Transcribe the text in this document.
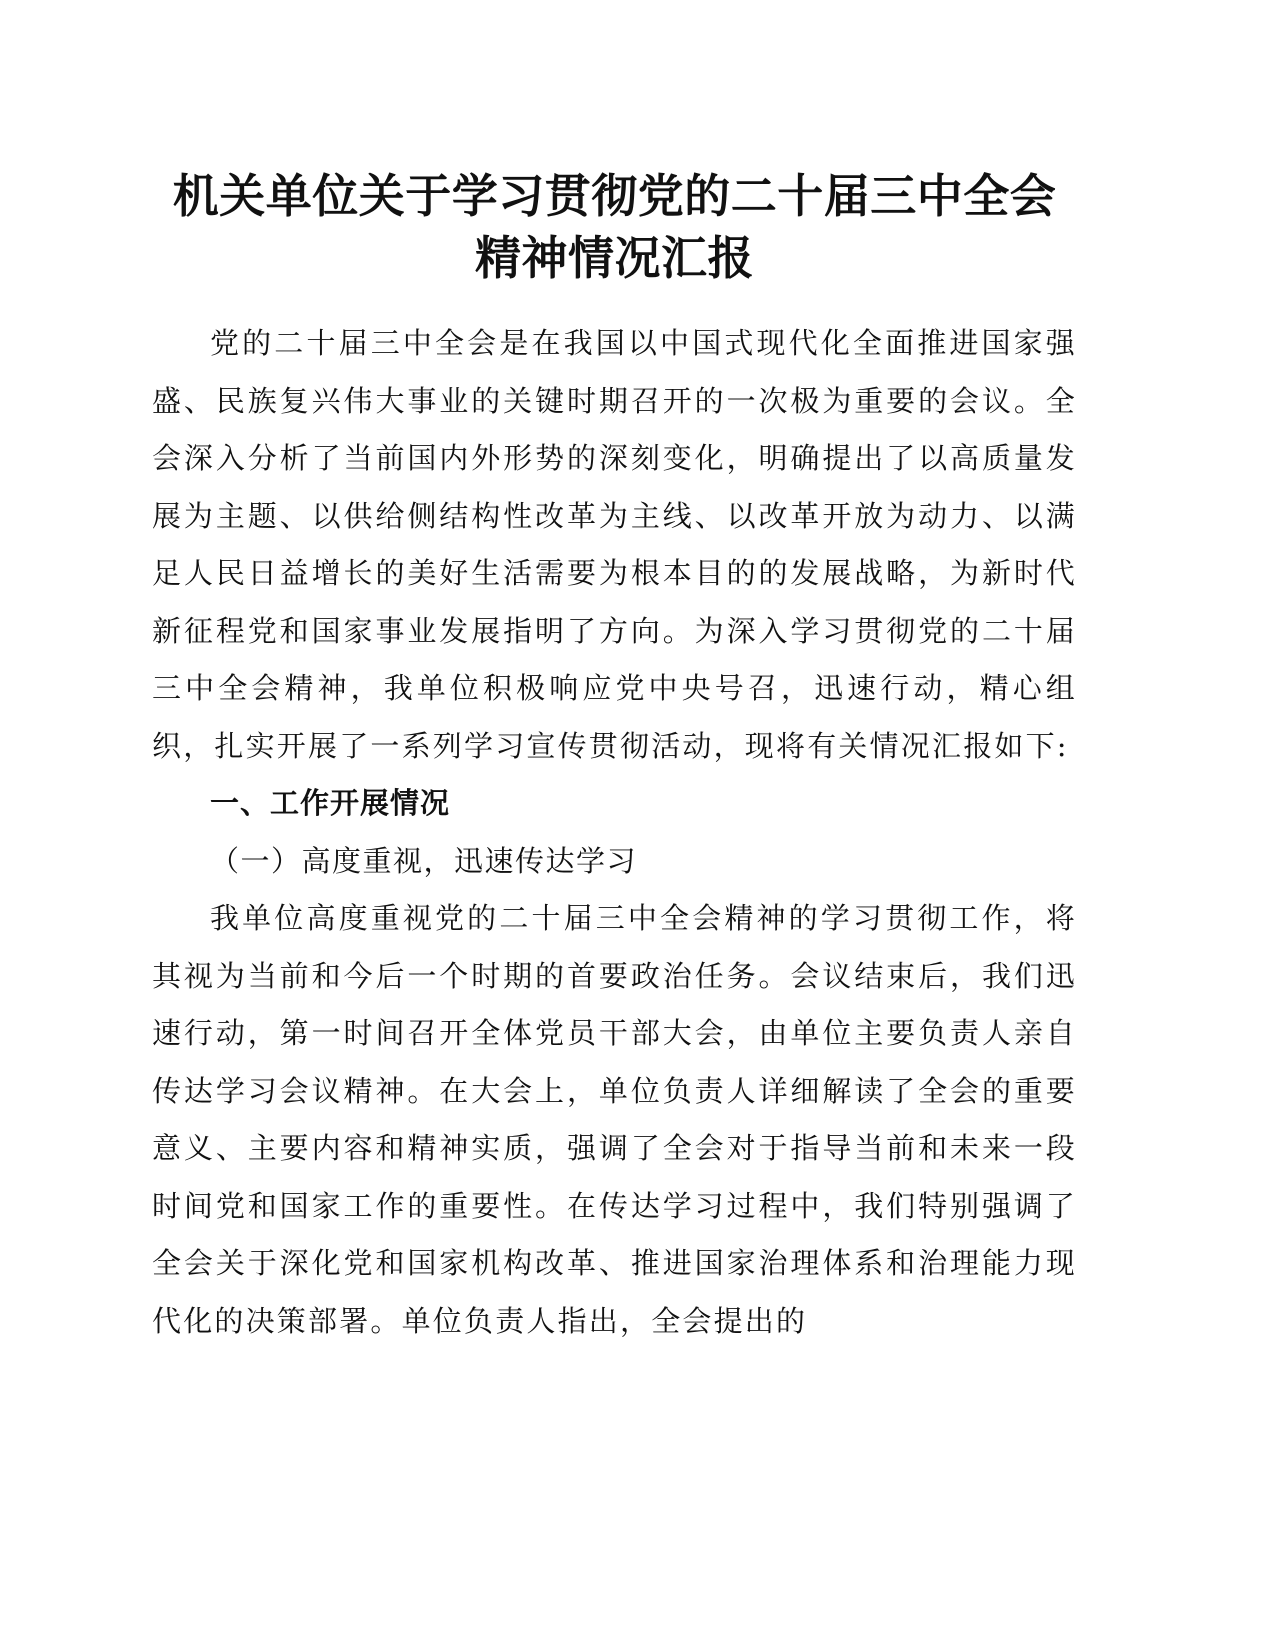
机关单位关于学习贯彻党的二十届三中全会精神情况汇报

党的二十届三中全会是在我国以中国式现代化全面推进国家强盛、民族复兴伟大事业的关键时期召开的一次极为重要的会议。全会深入分析了当前国内外形势的深刻变化，明确提出了以高质量发展为主题、以供给侧结构性改革为主线、以改革开放为动力、以满足人民日益增长的美好生活需要为根本目的的发展战略，为新时代新征程党和国家事业发展指明了方向。为深入学习贯彻党的二十届三中全会精神，我单位积极响应党中央号召，迅速行动，精心组织，扎实开展了一系列学习宣传贯彻活动，现将有关情况汇报如下:

一、工作开展情况

（一）高度重视，迅速传达学习

我单位高度重视党的二十届三中全会精神的学习贯彻工作，将其视为当前和今后一个时期的首要政治任务。会议结束后，我们迅速行动，第一时间召开全体党员干部大会，由单位主要负责人亲自传达学习会议精神。在大会上，单位负责人详细解读了全会的重要意义、主要内容和精神实质，强调了全会对于指导当前和未来一段时间党和国家工作的重要性。在传达学习过程中，我们特别强调了全会关于深化党和国家机构改革、推进国家治理体系和治理能力现代化的决策部署。单位负责人指出，全会提出的
